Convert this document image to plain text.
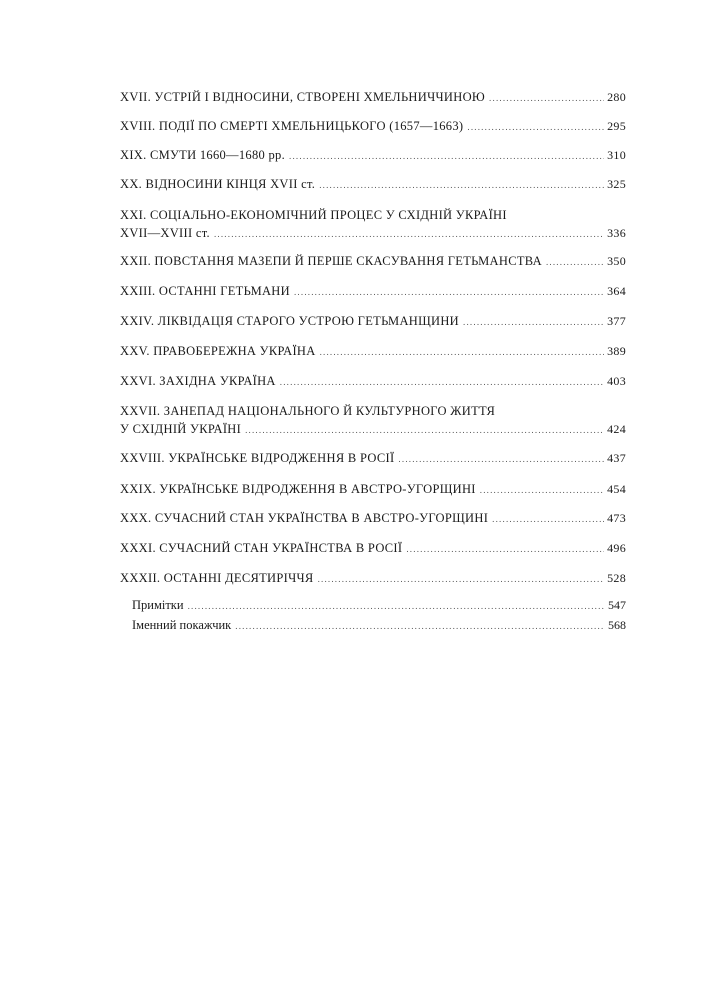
XVII. УСТРІЙ І ВІДНОСИНИ, СТВОРЕНІ ХМЕЛЬНИЧЧИНОЮ .....	280
XVIII. ПОДІЇ ПО СМЕРТІ ХМЕЛЬНИЦЬКОГО (1657—1663) .....	295
XIX. СМУТИ 1660—1680 рр. .....	310
XX. ВІДНОСИНИ КІНЦЯ XVII ст. .....	325
XXI. СОЦІАЛЬНО-ЕКОНОМІЧНИЙ ПРОЦЕС У СХІДНІЙ УКРАЇНІ
XVII—XVIII ст. .....	336
XXII. ПОВСТАННЯ МАЗЕПИ Й ПЕРШЕ СКАСУВАННЯ ГЕТЬМАНСТВА .....	350
XXIII. ОСТАННІ ГЕТЬМАНИ .....	364
XXIV. ЛІКВІДАЦІЯ СТАРОГО УСТРОЮ ГЕТЬМАНЩИНИ .....	377
XXV. ПРАВОБЕРЕЖНА УКРАЇНА .....	389
XXVI. ЗАХІДНА УКРАЇНА .....	403
XXVII. ЗАНЕПАД НАЦІОНАЛЬНОГО Й КУЛЬТУРНОГО ЖИТТЯ
У СХІДНІЙ УКРАЇНІ .....	424
XXVIII. УКРАЇНСЬКЕ ВІДРОДЖЕННЯ В РОСІЇ .....	437
XXIX. УКРАЇНСЬКЕ ВІДРОДЖЕННЯ В АВСТРО-УГОРЩИНІ .....	454
XXX. СУЧАСНИЙ СТАН УКРАЇНСТВА В АВСТРО-УГОРЩИНІ .....	473
XXXI. СУЧАСНИЙ СТАН УКРАЇНСТВА В РОСІЇ .....	496
XXXII. ОСТАННІ ДЕСЯТИРІЧЧЯ .....	528
Примітки .....	547
Іменний покажчик .....	568
